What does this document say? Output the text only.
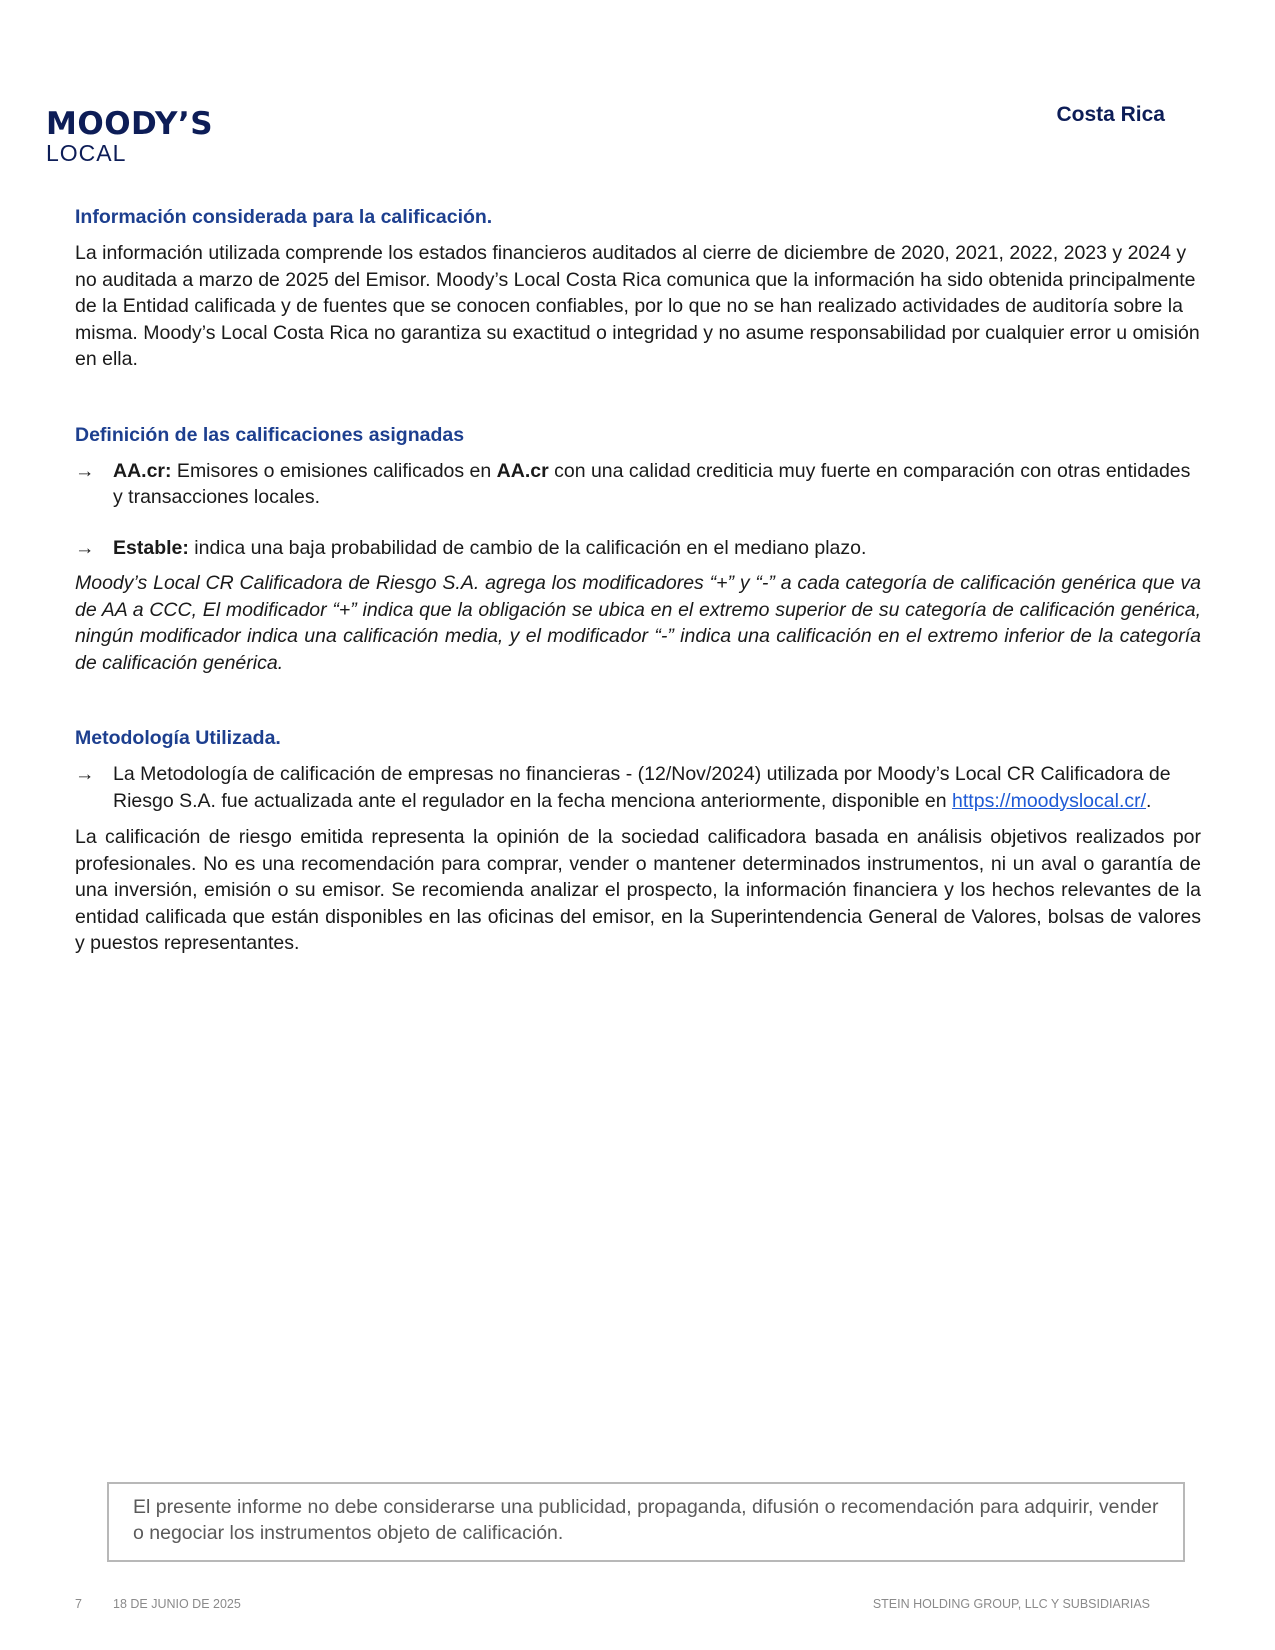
MOODY’S
LOCAL
Costa Rica
Información considerada para la calificación.
La información utilizada comprende los estados financieros auditados al cierre de diciembre de 2020, 2021, 2022, 2023 y 2024 y no auditada a marzo de 2025 del Emisor. Moody’s Local Costa Rica comunica que la información ha sido obtenida principalmente de la Entidad calificada y de fuentes que se conocen confiables, por lo que no se han realizado actividades de auditoría sobre la misma. Moody’s Local Costa Rica no garantiza su exactitud o integridad y no asume responsabilidad por cualquier error u omisión en ella.
Definición de las calificaciones asignadas
→ AA.cr: Emisores o emisiones calificados en AA.cr con una calidad crediticia muy fuerte en comparación con otras entidades y transacciones locales.
→ Estable: indica una baja probabilidad de cambio de la calificación en el mediano plazo.
Moody’s Local CR Calificadora de Riesgo S.A. agrega los modificadores “+” y “-” a cada categoría de calificación genérica que va de AA a CCC, El modificador “+” indica que la obligación se ubica en el extremo superior de su categoría de calificación genérica, ningún modificador indica una calificación media, y el modificador “-” indica una calificación en el extremo inferior de la categoría de calificación genérica.
Metodología Utilizada.
→ La Metodología de calificación de empresas no financieras - (12/Nov/2024) utilizada por Moody’s Local CR Calificadora de Riesgo S.A. fue actualizada ante el regulador en la fecha menciona anteriormente, disponible en https://moodyslocal.cr/.
La calificación de riesgo emitida representa la opinión de la sociedad calificadora basada en análisis objetivos realizados por profesionales. No es una recomendación para comprar, vender o mantener determinados instrumentos, ni un aval o garantía de una inversión, emisión o su emisor. Se recomienda analizar el prospecto, la información financiera y los hechos relevantes de la entidad calificada que están disponibles en las oficinas del emisor, en la Superintendencia General de Valores, bolsas de valores y puestos representantes.

El presente informe no debe considerarse una publicidad, propaganda, difusión o recomendación para adquirir, vender o negociar los instrumentos objeto de calificación.

7 18 DE JUNIO DE 2025	STEIN HOLDING GROUP, LLC Y SUBSIDIARIAS
